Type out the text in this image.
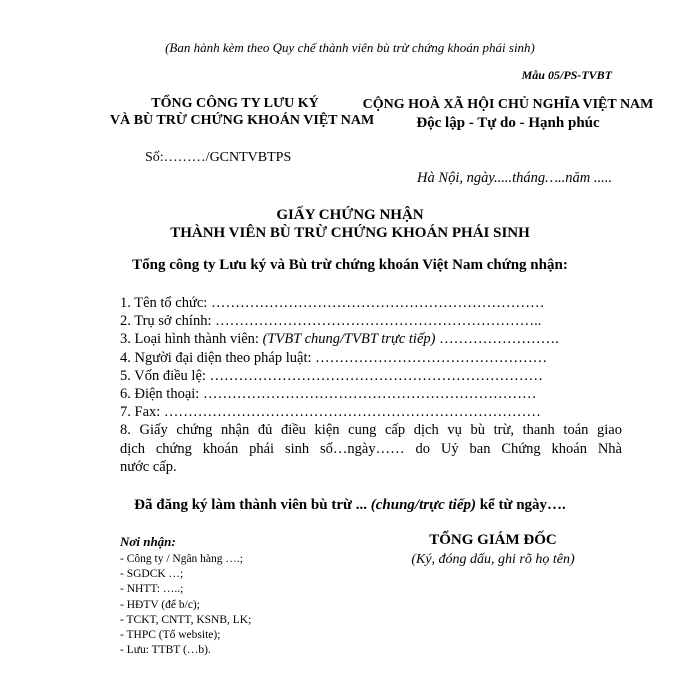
(Ban hành kèm theo Quy chế thành viên bù trừ chứng khoán phái sinh)
Mẫu 05/PS-TVBT
TỔNG CÔNG TY LƯU KÝ
VÀ BÙ TRỪ CHỨNG KHOÁN VIỆT NAM
CỘNG HOÀ XÃ HỘI CHỦ NGHĨA VIỆT NAM
Độc lập - Tự do - Hạnh phúc
Số:………/GCNTVBTPS
Hà Nội, ngày.....tháng…..năm .....
GIẤY CHỨNG NHẬN
THÀNH VIÊN BÙ TRỪ CHỨNG KHOÁN PHÁI SINH
Tổng công ty Lưu ký và Bù trừ chứng khoán Việt Nam chứng nhận:
1. Tên tổ chức: ……………………………………………………………
2. Trụ sở chính: …………………………………………………………..
3. Loại hình thành viên: (TVBT chung/TVBT trực tiếp) …………………….
4. Người đại diện theo pháp luật: …………………………………………
5. Vốn điều lệ: ……………………………………………………………
6. Điện thoại: ……………………………………………………………
7. Fax: ……………………………………………………………………
8. Giấy chứng nhận đủ điều kiện cung cấp dịch vụ bù trừ, thanh toán giao
dịch chứng khoán phái sinh số…ngày…… do Uỷ ban Chứng khoán Nhà
nước cấp.
Đã đăng ký làm thành viên bù trừ ... (chung/trực tiếp) kể từ ngày….
Nơi nhận:
- Công ty / Ngân hàng ….;
- SGDCK …;
- NHTT: …..;
- HĐTV (để b/c);
- TCKT, CNTT, KSNB, LK;
- THPC (Tổ website);
- Lưu: TTBT (…b).
TỔNG GIÁM ĐỐC
(Ký, đóng dấu, ghi rõ họ tên)
